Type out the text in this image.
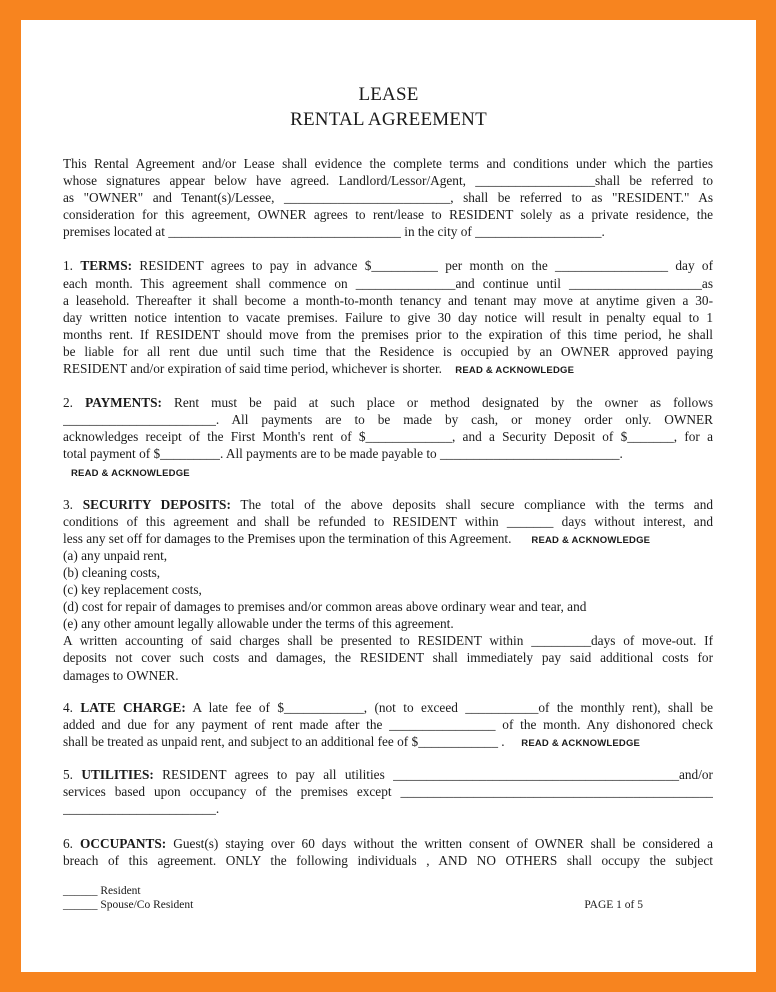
LEASE
RENTAL AGREEMENT
This Rental Agreement and/or Lease shall evidence the complete terms and conditions under which the parties
whose signatures appear below have agreed. Landlord/Lessor/Agent, __________________shall be referred to
as "OWNER" and Tenant(s)/Lessee, _________________________, shall be referred to as "RESIDENT." As
consideration for this agreement, OWNER agrees to rent/lease to RESIDENT solely as a private residence, the
premises located at ___________________________________ in the city of ___________________.
1. TERMS: RESIDENT agrees to pay in advance $__________ per month on the _________________ day of
each month. This agreement shall commence on _______________and continue until ____________________as
a leasehold. Thereafter it shall become a month-to-month tenancy and tenant may move at anytime given a 30-
day written notice intention to vacate premises. Failure to give 30 day notice will result in penalty equal to 1
months rent. If RESIDENT should move from the premises prior to the expiration of this time period, he shall
be liable for all rent due until such time that the Residence is occupied by an OWNER approved paying
RESIDENT and/or expiration of said time period, whichever is shorter. READ & ACKNOWLEDGE
2. PAYMENTS: Rent must be paid at such place or method designated by the owner as follows
_______________________. All payments are to be made by cash, or money order only. OWNER
acknowledges receipt of the First Month's rent of $_____________, and a Security Deposit of $_______, for a
total payment of $_________. All payments are to be made payable to ___________________________.
READ & ACKNOWLEDGE
3. SECURITY DEPOSITS: The total of the above deposits shall secure compliance with the terms and
conditions of this agreement and shall be refunded to RESIDENT within _______ days without interest, and
less any set off for damages to the Premises upon the termination of this Agreement. READ & ACKNOWLEDGE
(a) any unpaid rent,
(b) cleaning costs,
(c) key replacement costs,
(d) cost for repair of damages to premises and/or common areas above ordinary wear and tear, and
(e) any other amount legally allowable under the terms of this agreement.
A written accounting of said charges shall be presented to RESIDENT within _________days of move-out. If
deposits not cover such costs and damages, the RESIDENT shall immediately pay said additional costs for
damages to OWNER.
4. LATE CHARGE: A late fee of $____________, (not to exceed ___________of the monthly rent), shall be
added and due for any payment of rent made after the ________________ of the month. Any dishonored check
shall be treated as unpaid rent, and subject to an additional fee of $____________ . READ & ACKNOWLEDGE
5. UTILITIES: RESIDENT agrees to pay all utilities ___________________________________________and/or
services based upon occupancy of the premises except _______________________________________________
_______________________.
6. OCCUPANTS: Guest(s) staying over 60 days without the written consent of OWNER shall be considered a
breach of this agreement. ONLY the following individuals , AND NO OTHERS shall occupy the subject
______ Resident
______ Spouse/Co Resident	PAGE 1 of 5
